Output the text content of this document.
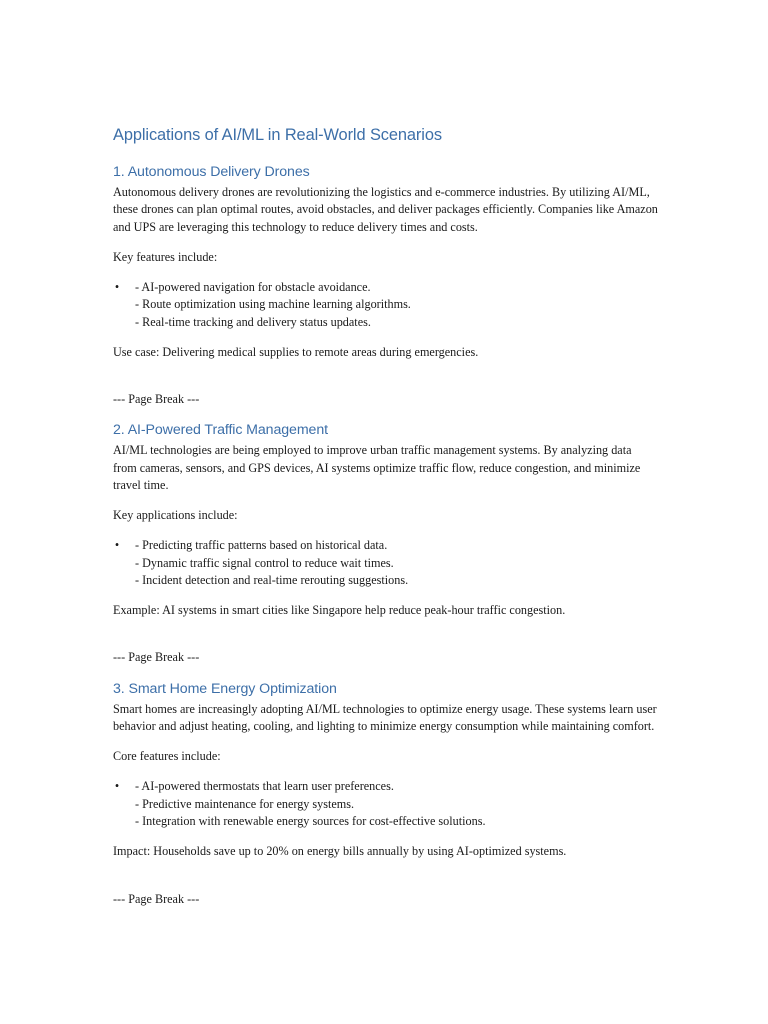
Applications of AI/ML in Real-World Scenarios
1. Autonomous Delivery Drones

Autonomous delivery drones are revolutionizing the logistics and e-commerce industries. By utilizing AI/ML, these drones can plan optimal routes, avoid obstacles, and deliver packages efficiently. Companies like Amazon and UPS are leveraging this technology to reduce delivery times and costs.

Key features include:

•	- AI-powered navigation for obstacle avoidance.
- Route optimization using machine learning algorithms.
- Real-time tracking and delivery status updates.

Use case: Delivering medical supplies to remote areas during emergencies.

--- Page Break ---

2. AI-Powered Traffic Management

AI/ML technologies are being employed to improve urban traffic management systems. By analyzing data from cameras, sensors, and GPS devices, AI systems optimize traffic flow, reduce congestion, and minimize travel time.

Key applications include:

•	- Predicting traffic patterns based on historical data.
- Dynamic traffic signal control to reduce wait times.
- Incident detection and real-time rerouting suggestions.

Example: AI systems in smart cities like Singapore help reduce peak-hour traffic congestion.

--- Page Break ---

3. Smart Home Energy Optimization

Smart homes are increasingly adopting AI/ML technologies to optimize energy usage. These systems learn user behavior and adjust heating, cooling, and lighting to minimize energy consumption while maintaining comfort.

Core features include:

•	- AI-powered thermostats that learn user preferences.
- Predictive maintenance for energy systems.
- Integration with renewable energy sources for cost-effective solutions.

Impact: Households save up to 20% on energy bills annually by using AI-optimized systems.

--- Page Break ---
